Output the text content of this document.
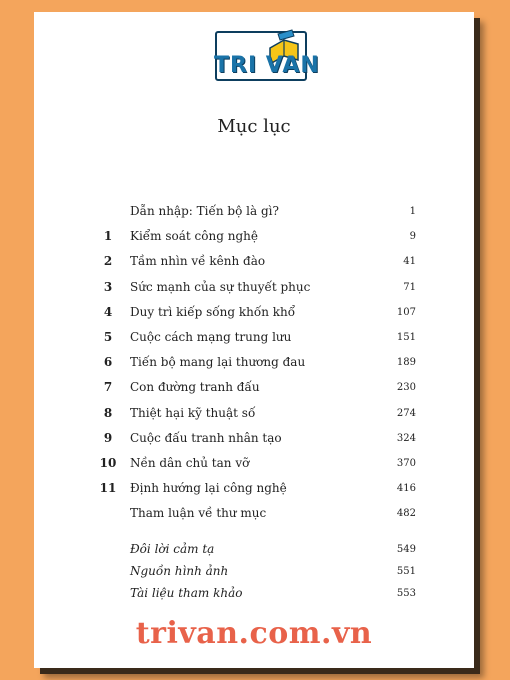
TRI VAN
Mục lục
Dẫn nhập: Tiến bộ là gì?	1
1	Kiểm soát công nghệ	9
2	Tầm nhìn về kênh đào	41
3	Sức mạnh của sự thuyết phục	71
4	Duy trì kiếp sống khốn khổ	107
5	Cuộc cách mạng trung lưu	151
6	Tiến bộ mang lại thương đau	189
7	Con đường tranh đấu	230
8	Thiệt hại kỹ thuật số	274
9	Cuộc đấu tranh nhân tạo	324
10	Nền dân chủ tan vỡ	370
11	Định hướng lại công nghệ	416
Tham luận về thư mục	482
Đôi lời cảm tạ	549
Nguồn hình ảnh	551
Tài liệu tham khảo	553
trivan.com.vn
